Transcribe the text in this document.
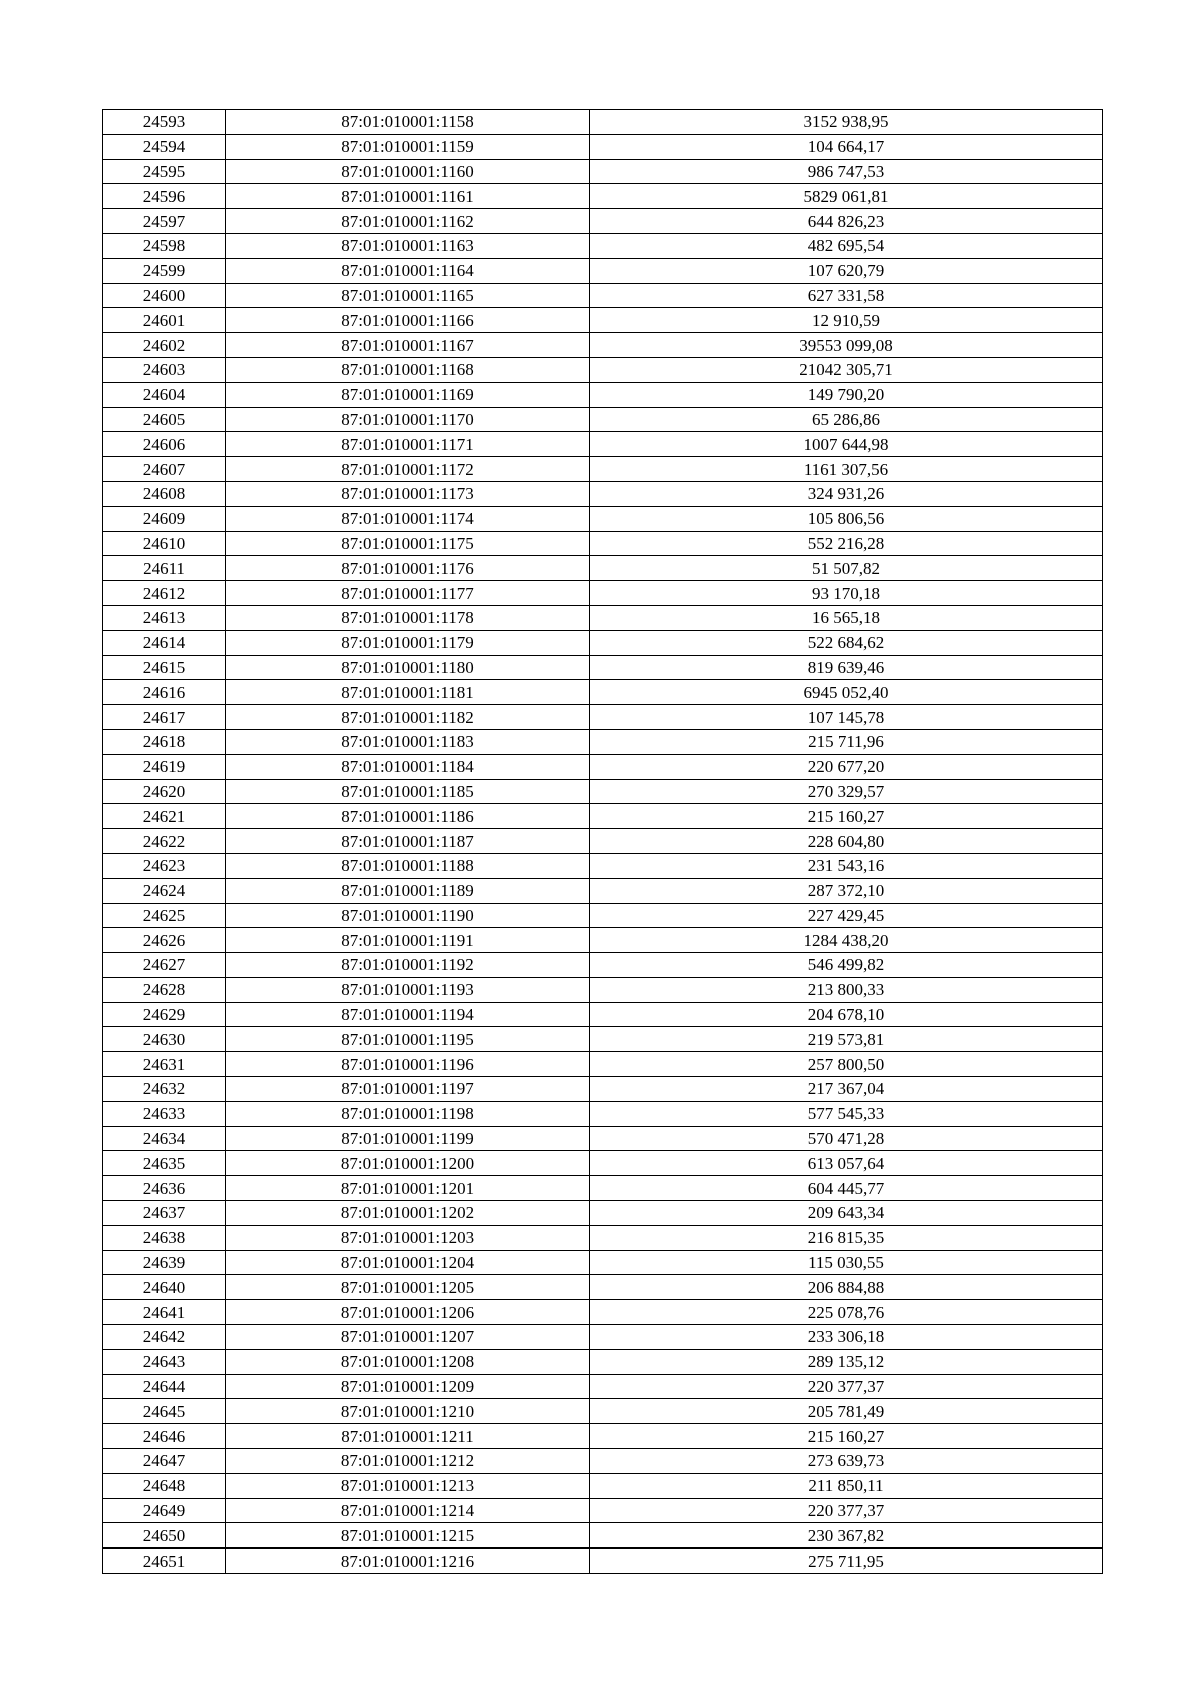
24593	87:01:010001:1158	3152 938,95
24594	87:01:010001:1159	104 664,17
24595	87:01:010001:1160	986 747,53
24596	87:01:010001:1161	5829 061,81
24597	87:01:010001:1162	644 826,23
24598	87:01:010001:1163	482 695,54
24599	87:01:010001:1164	107 620,79
24600	87:01:010001:1165	627 331,58
24601	87:01:010001:1166	12 910,59
24602	87:01:010001:1167	39553 099,08
24603	87:01:010001:1168	21042 305,71
24604	87:01:010001:1169	149 790,20
24605	87:01:010001:1170	65 286,86
24606	87:01:010001:1171	1007 644,98
24607	87:01:010001:1172	1161 307,56
24608	87:01:010001:1173	324 931,26
24609	87:01:010001:1174	105 806,56
24610	87:01:010001:1175	552 216,28
24611	87:01:010001:1176	51 507,82
24612	87:01:010001:1177	93 170,18
24613	87:01:010001:1178	16 565,18
24614	87:01:010001:1179	522 684,62
24615	87:01:010001:1180	819 639,46
24616	87:01:010001:1181	6945 052,40
24617	87:01:010001:1182	107 145,78
24618	87:01:010001:1183	215 711,96
24619	87:01:010001:1184	220 677,20
24620	87:01:010001:1185	270 329,57
24621	87:01:010001:1186	215 160,27
24622	87:01:010001:1187	228 604,80
24623	87:01:010001:1188	231 543,16
24624	87:01:010001:1189	287 372,10
24625	87:01:010001:1190	227 429,45
24626	87:01:010001:1191	1284 438,20
24627	87:01:010001:1192	546 499,82
24628	87:01:010001:1193	213 800,33
24629	87:01:010001:1194	204 678,10
24630	87:01:010001:1195	219 573,81
24631	87:01:010001:1196	257 800,50
24632	87:01:010001:1197	217 367,04
24633	87:01:010001:1198	577 545,33
24634	87:01:010001:1199	570 471,28
24635	87:01:010001:1200	613 057,64
24636	87:01:010001:1201	604 445,77
24637	87:01:010001:1202	209 643,34
24638	87:01:010001:1203	216 815,35
24639	87:01:010001:1204	115 030,55
24640	87:01:010001:1205	206 884,88
24641	87:01:010001:1206	225 078,76
24642	87:01:010001:1207	233 306,18
24643	87:01:010001:1208	289 135,12
24644	87:01:010001:1209	220 377,37
24645	87:01:010001:1210	205 781,49
24646	87:01:010001:1211	215 160,27
24647	87:01:010001:1212	273 639,73
24648	87:01:010001:1213	211 850,11
24649	87:01:010001:1214	220 377,37
24650	87:01:010001:1215	230 367,82
24651	87:01:010001:1216	275 711,95
